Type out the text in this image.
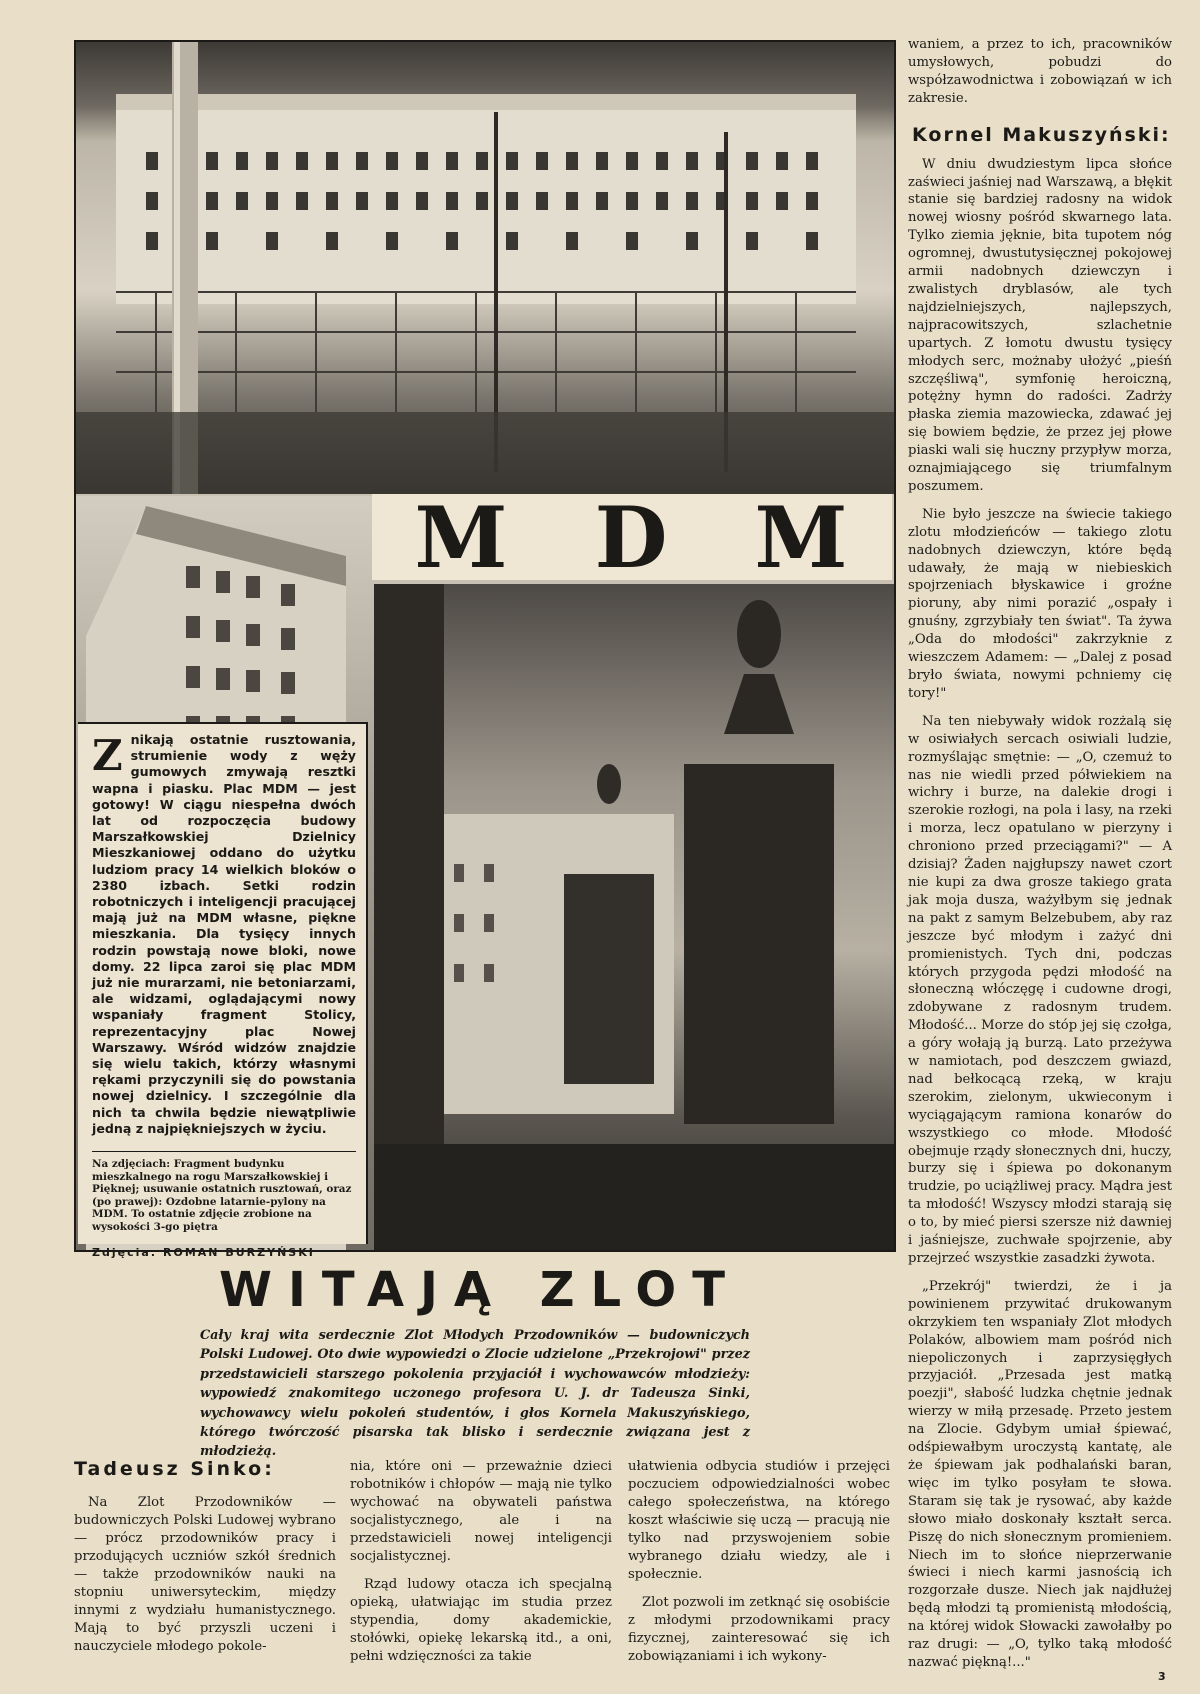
M D M

Znikają ostatnie rusztowania, strumienie wody z węży gumowych zmywają resztki wapna i piasku. Plac MDM — jest gotowy! W ciągu niespełna dwóch lat od rozpoczęcia budowy Marszałkowskiej Dzielnicy Mieszkaniowej oddano do użytku ludziom pracy 14 wielkich bloków o 2380 izbach. Setki rodzin robotniczych i inteligencji pracującej mają już na MDM własne, piękne mieszkania. Dla tysięcy innych rodzin powstają nowe bloki, nowe domy. 22 lipca zaroi się plac MDM już nie murarzami, nie betoniarzami, ale widzami, oglądającymi nowy wspaniały fragment Stolicy, reprezentacyjny plac Nowej Warszawy. Wśród widzów znajdzie się wielu takich, którzy własnymi rękami przyczynili się do powstania nowej dzielnicy. I szczególnie dla nich ta chwila będzie niewątpliwie jedną z najpiękniejszych w życiu.

Na zdjęciach: Fragment budynku mieszkalnego na rogu Marszałkowskiej i Pięknej; usuwanie ostatnich rusztowań, oraz (po prawej): Ozdobne latarnie-pylony na MDM. To ostatnie zdjęcie zrobione na wysokości 3-go piętra
Zdjęcia: ROMAN BURZYŃSKI

waniem, a przez to ich, pracowników umysłowych, pobudzi do współzawodnictwa i zobowiązań w ich zakresie.

Kornel Makuszyński:

W dniu dwudziestym lipca słońce zaświeci jaśniej nad Warszawą, a błękit stanie się bardziej radosny na widok nowej wiosny pośród skwarnego lata. Tylko ziemia jęknie, bita tupotem nóg ogromnej, dwustutysięcznej pokojowej armii nadobnych dziewczyn i zwalistych dryblasów, ale tych najdzielniejszych, najlepszych, najpracowitszych, szlachetnie upartych. Z łomotu dwustu tysięcy młodych serc, możnaby ułożyć „pieśń szczęśliwą", symfonię heroiczną, potężny hymn do radości. Zadrży płaska ziemia mazowiecka, zdawać jej się bowiem będzie, że przez jej płowe piaski wali się huczny przypływ morza, oznajmiającego się triumfalnym poszumem.

Nie było jeszcze na świecie takiego zlotu młodzieńców — takiego zlotu nadobnych dziewczyn, które będą udawały, że mają w niebieskich spojrzeniach błyskawice i groźne pioruny, aby nimi porazić „ospały i gnuśny, zgrzybiały ten świat". Ta żywa „Oda do młodości" zakrzyknie z wieszczem Adamem: — „Dalej z posad bryło świata, nowymi pchniemy cię tory!"

Na ten niebywały widok rozżalą się w osiwiałych sercach osiwiali ludzie, rozmyślając smętnie: — „O, czemuż to nas nie wiedli przed półwiekiem na wichry i burze, na dalekie drogi i szerokie rozłogi, na pola i lasy, na rzeki i morza, lecz opatulano w pierzyny i chroniono przed przeciągami?" — A dzisiaj? Żaden najgłupszy nawet czort nie kupi za dwa grosze takiego grata jak moja dusza, ważyłbym się jednak na pakt z samym Belzebubem, aby raz jeszcze być młodym i zażyć dni promienistych. Tych dni, podczas których przygoda pędzi młodość na słoneczną włóczęgę i cudowne drogi, zdobywane z radosnym trudem. Młodość... Morze do stóp jej się czołga, a góry wołają ją burzą. Lato przeżywa w namiotach, pod deszczem gwiazd, nad bełkocącą rzeką, w kraju szerokim, zielonym, ukwieconym i wyciągającym ramiona konarów do wszystkiego co młode. Młodość obejmuje rządy słonecznych dni, huczy, burzy się i śpiewa po dokonanym trudzie, po uciążliwej pracy. Mądra jest ta młodość! Wszyscy młodzi starają się o to, by mieć piersi szersze niż dawniej i jaśniejsze, zuchwałe spojrzenie, aby przejrzeć wszystkie zasadzki żywota.

„Przekrój" twierdzi, że i ja powinienem przywitać drukowanym okrzykiem ten wspaniały Zlot młodych Polaków, albowiem mam pośród nich niepoliczonych i zaprzysięgłych przyjaciół. „Przesada jest matką poezji", słabość ludzka chętnie jednak wierzy w miłą przesadę. Przeto jestem na Zlocie. Gdybym umiał śpiewać, odśpiewałbym uroczystą kantatę, ale że śpiewam jak podhalański baran, więc im tylko posyłam te słowa. Staram się tak je rysować, aby każde słowo miało doskonały kształt serca. Piszę do nich słonecznym promieniem. Niech im to słońce nieprzerwanie świeci i niech karmi jasnością ich rozgorzałe dusze. Niech jak najdłużej będą młodzi tą promienistą młodością, na której widok Słowacki zawołałby po raz drugi: — „O, tylko taką młodość nazwać piękną!..."

WITAJĄ ZLOT
Cały kraj wita serdecznie Zlot Młodych Przodowników — budowniczych Polski Ludowej. Oto dwie wypowiedzi o Zlocie udzielone „Przekrojowi" przez przedstawicieli starszego pokolenia przyjaciół i wychowawców młodzieży: wypowiedź znakomitego uczonego profesora U. J. dr Tadeusza Sinki, wychowawcy wielu pokoleń studentów, i głos Kornela Makuszyńskiego, którego twórczość pisarska tak blisko i serdecznie związana jest z młodzieżą.
Tadeusz Sinko:

Na Zlot Przodowników — budowniczych Polski Ludowej wybrano — prócz przodowników pracy i przodujących uczniów szkół średnich — także przodowników nauki na stopniu uniwersyteckim, między innymi z wydziału humanistycznego. Mają to być przyszli uczeni i nauczyciele młodego pokole-

nia, które oni — przeważnie dzieci robotników i chłopów — mają nie tylko wychować na obywateli państwa socjalistycznego, ale i na przedstawicieli nowej inteligencji socjalistycznej.

Rząd ludowy otacza ich specjalną opieką, ułatwiając im studia przez stypendia, domy akademickie, stołówki, opiekę lekarską itd., a oni, pełni wdzięczności za takie

ułatwienia odbycia studiów i przejęci poczuciem odpowiedzialności wobec całego społeczeństwa, na którego koszt właściwie się uczą — pracują nie tylko nad przyswojeniem sobie wybranego działu wiedzy, ale i społecznie.

Zlot pozwoli im zetknąć się osobiście z młodymi przodownikami pracy fizycznej, zainteresować się ich zobowiązaniami i ich wykony-

3
